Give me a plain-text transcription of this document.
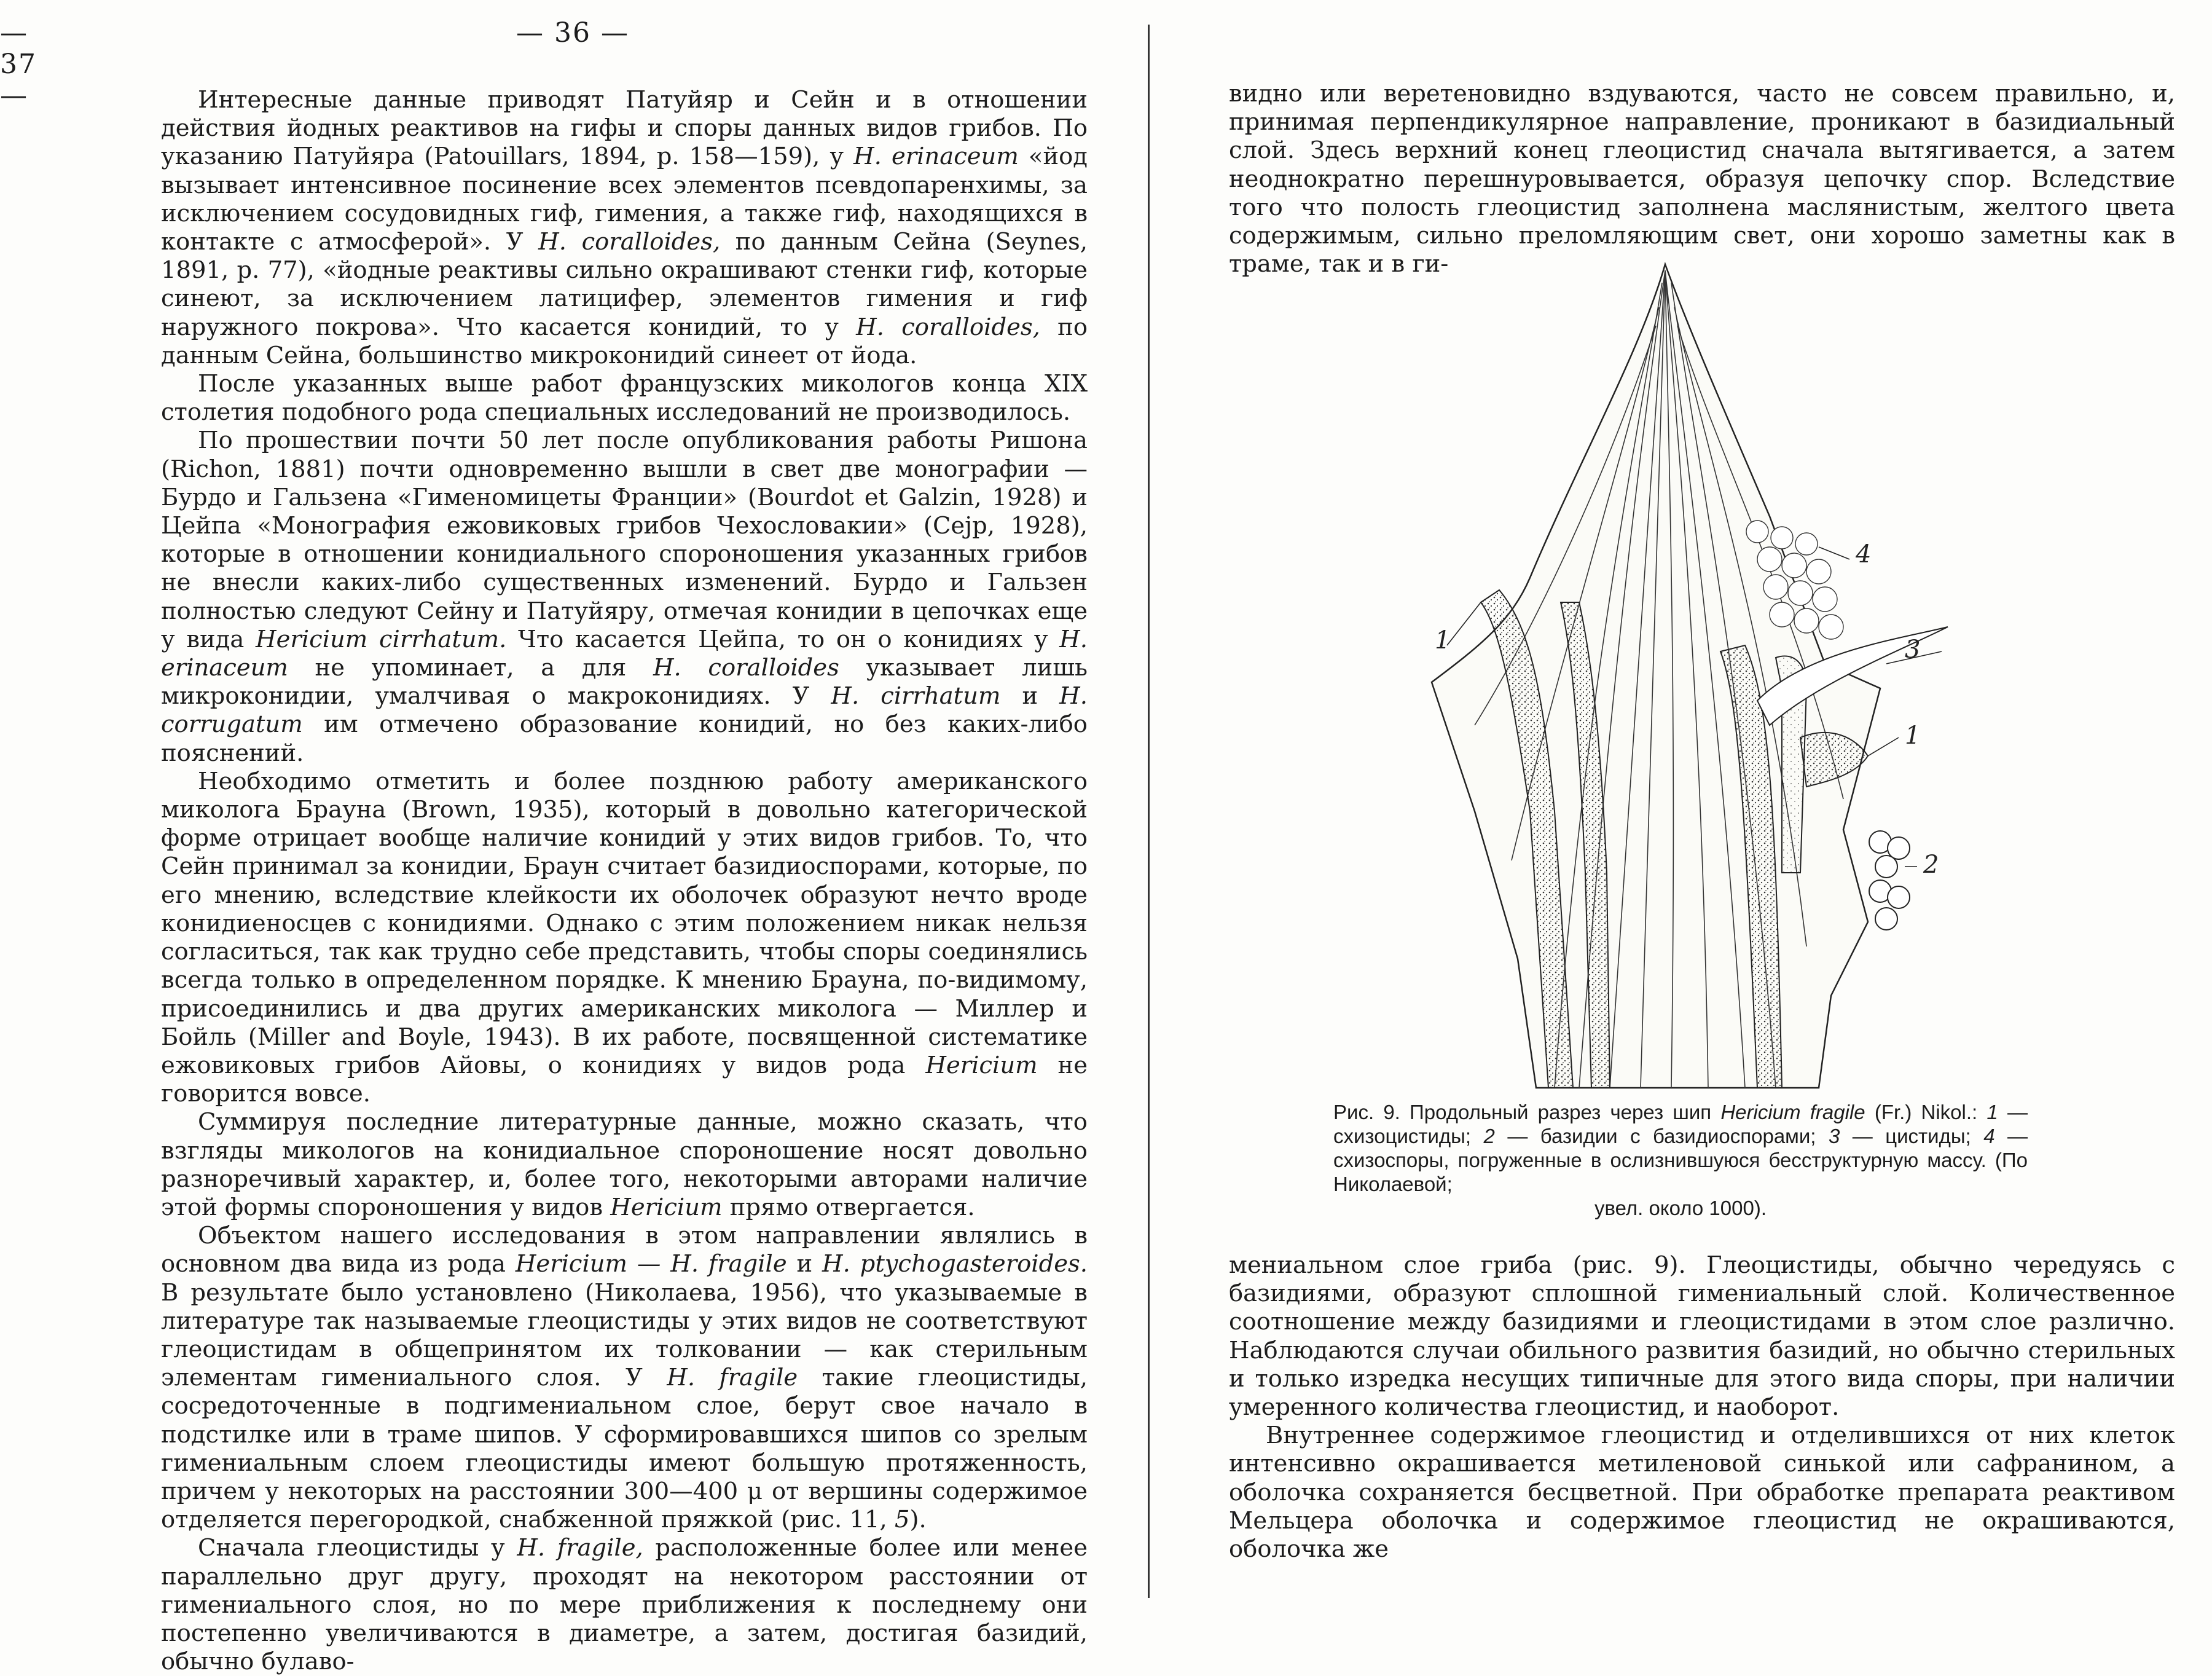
— 36 —

Интересные данные приводят Патуйяр и Сейн и в отношении действия йодных реактивов на гифы и споры данных видов грибов. По указанию Патуйяра (Patouillars, 1894, p. 158—159), у H. erinaceum «йод вызывает интенсивное посинение всех элементов псевдопаренхимы, за исключением сосудовидных гиф, гимения, а также гиф, находящихся в контакте с атмосферой». У H. coralloides, по данным Сейна (Seynes, 1891, p. 77), «йодные реактивы сильно окрашивают стенки гиф, которые синеют, за исключением латицифер, элементов гимения и гиф наружного покрова». Что касается конидий, то у H. coralloides, по данным Сейна, большинство микроконидий синеет от йода.

После указанных выше работ французских микологов конца XIX столетия подобного рода специальных исследований не производилось.

По прошествии почти 50 лет после опубликования работы Ришона (Richon, 1881) почти одновременно вышли в свет две монографии — Бурдо и Гальзена «Гименомицеты Франции» (Bourdot et Galzin, 1928) и Цейпа «Монография ежовиковых грибов Чехословакии» (Cejp, 1928), которые в отношении конидиального спороношения указанных грибов не внесли каких-либо существенных изменений. Бурдо и Гальзен полностью следуют Сейну и Патуйяру, отмечая конидии в цепочках еще у вида Hericium cirrhatum. Что касается Цейпа, то он о конидиях у H. erinaceum не упоминает, а для H. coralloides указывает лишь микроконидии, умалчивая о макроконидиях. У H. cirrhatum и H. corrugatum им отмечено образование конидий, но без каких-либо пояснений.

Необходимо отметить и более позднюю работу американского миколога Брауна (Brown, 1935), который в довольно категорической форме отрицает вообще наличие конидий у этих видов грибов. То, что Сейн принимал за конидии, Браун считает базидиоспорами, которые, по его мнению, вследствие клейкости их оболочек образуют нечто вроде конидиеносцев с конидиями. Однако с этим положением никак нельзя согласиться, так как трудно себе представить, чтобы споры соединялись всегда только в определенном порядке. К мнению Брауна, по-видимому, присоединились и два других американских миколога — Миллер и Бойль (Miller and Boyle, 1943). В их работе, посвященной систематике ежовиковых грибов Айовы, о конидиях у видов рода Hericium не говорится вовсе.

Суммируя последние литературные данные, можно сказать, что взгляды микологов на конидиальное спороношение носят довольно разноречивый характер, и, более того, некоторыми авторами наличие этой формы спороношения у видов Hericium прямо отвергается.

Объектом нашего исследования в этом направлении являлись в основном два вида из рода Hericium — H. fragile и H. ptychogasteroides. В результате было установлено (Николаева, 1956), что указываемые в литературе так называемые глеоцистиды у этих видов не соответствуют глеоцистидам в общепринятом их толковании — как стерильным элементам гимениального слоя. У H. fragile такие глеоцистиды, сосредоточенные в подгимениальном слое, берут свое начало в подстилке или в траме шипов. У сформировавшихся шипов со зрелым гимениальным слоем глеоцистиды имеют большую протяженность, причем у некоторых на расстоянии 300—400 μ от вершины содержимое отделяется перегородкой, снабженной пряжкой (рис. 11, 5).

Сначала глеоцистиды у H. fragile, расположенные более или менее параллельно друг другу, проходят на некотором расстоянии от гимениального слоя, но по мере приближения к последнему они постепенно увеличиваются в диаметре, а затем, достигая базидий, обычно булаво-

— 37 —	видно или веретеновидно вздуваются, часто не совсем правильно, и, принимая перпендикулярное направление, проникают в базидиальный слой. Здесь верхний конец глеоцистид сначала вытягивается, а затем неоднократно перешнуровывается, образуя цепочку спор. Вследствие того что полость глеоцистид заполнена маслянистым, желтого цвета содержимым, сильно преломляющим свет, они хорошо заметны как в траме, так и в ги-

1
4
3
1
2
Рис. 9. Продольный разрез через шип Hericium fragile (Fr.) Nikol.: 1 — схизоцистиды; 2 — базидии с базидиоспорами; 3 — цистиды; 4 — схизоспоры, погруженные в ослизнившуюся бесструктурную массу. (По Николаевой;
увел. около 1000).

мениальном слое гриба (рис. 9). Глеоцистиды, обычно чередуясь с базидиями, образуют сплошной гимениальный слой. Количественное соотношение между базидиями и глеоцистидами в этом слое различно. Наблюдаются случаи обильного развития базидий, но обычно стерильных и только изредка несущих типичные для этого вида споры, при наличии умеренного количества глеоцистид, и наоборот.

Внутреннее содержимое глеоцистид и отделившихся от них клеток интенсивно окрашивается метиленовой синькой или сафранином, а оболочка сохраняется бесцветной. При обработке препарата реактивом Мельцера оболочка и содержимое глеоцистид не окрашиваются, оболочка же
